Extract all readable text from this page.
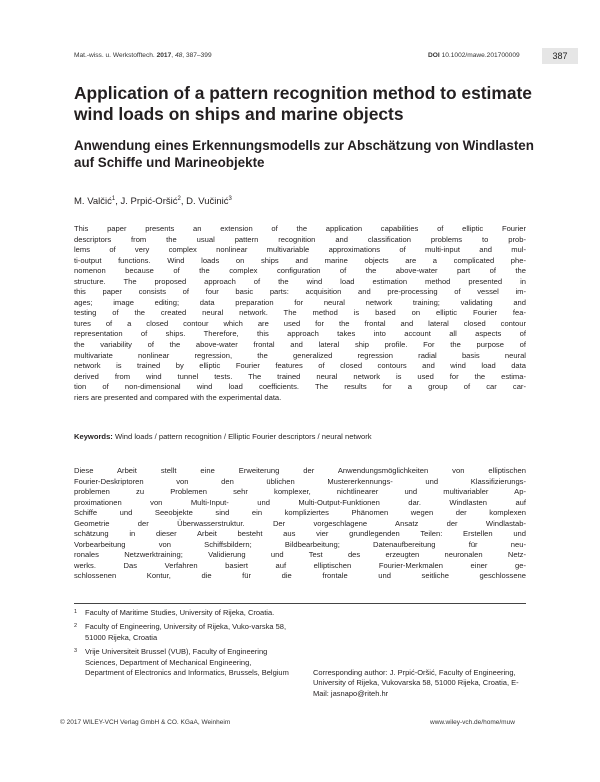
Mat.-wiss. u. Werkstofftech. 2017, 48, 387–399	DOI 10.1002/mawe.201700009	387
Application of a pattern recognition method to estimate wind loads on ships and marine objects
Anwendung eines Erkennungsmodells zur Abschätzung von Windlasten auf Schiffe und Marineobjekte
M. Valčić$^1$, J. Prpić-Oršić$^2$, D. Vučinić$^3$
This paper presents an extension of the application capabilities of elliptic Fourier
descriptors from the usual pattern recognition and classification problems to prob-
lems of very complex nonlinear multivariable approximations of multi-input and mul-
ti-output functions. Wind loads on ships and marine objects are a complicated phe-
nomenon because of the complex configuration of the above-water part of the
structure. The proposed approach of the wind load estimation method presented in
this paper consists of four basic parts: acquisition and pre-processing of vessel im-
ages; image editing; data preparation for neural network training; validating and
testing of the created neural network. The method is based on elliptic Fourier fea-
tures of a closed contour which are used for the frontal and lateral closed contour
representation of ships. Therefore, this approach takes into account all aspects of
the variability of the above-water frontal and lateral ship profile. For the purpose of
multivariate nonlinear regression, the generalized regression radial basis neural
network is trained by elliptic Fourier features of closed contours and wind load data
derived from wind tunnel tests. The trained neural network is used for the estima-
tion of non-dimensional wind load coefficients. The results for a group of car car-
riers are presented and compared with the experimental data.
Keywords: Wind loads / pattern recognition / Elliptic Fourier descriptors / neural network
Diese Arbeit stellt eine Erweiterung der Anwendungsmöglichkeiten von elliptischen
Fourier-Deskriptoren von den üblichen Mustererkennungs- und Klassifizierungs-
problemen zu Problemen sehr komplexer, nichtlinearer und multivariabler Ap-
proximationen von Multi-Input- und Multi-Output-Funktionen dar. Windlasten auf
Schiffe und Seeobjekte sind ein kompliziertes Phänomen wegen der komplexen
Geometrie der Überwasserstruktur. Der vorgeschlagene Ansatz der Windlastab-
schätzung in dieser Arbeit besteht aus vier grundlegenden Teilen: Erstellen und
Vorbearbeitung von Schiffsbildern; Bildbearbeitung; Datenaufbereitung für neu-
ronales Netzwerktraining; Validierung und Test des erzeugten neuronalen Netz-
werks. Das Verfahren basiert auf elliptischen Fourier-Merkmalen einer ge-
schlossenen Kontur, die für die frontale und seitliche geschlossene
1 Faculty of Maritime Studies, University of Rijeka, Croatia.
2 Faculty of Engineering, University of Rijeka, Vuko-varska 58, 51000 Rijeka, Croatia
3 Vrije Universiteit Brussel (VUB), Faculty of Engineering Sciences, Department of Mechanical Engineering, Department of Electronics and Informatics, Brussels, Belgium	Corresponding author: J. Prpić-Oršić, Faculty of Engineering, University of Rijeka, Vukovarska 58, 51000 Rijeka, Croatia, E-Mail: jasnapo@riteh.hr
© 2017 WILEY-VCH Verlag GmbH & CO. KGaA, Weinheim	www.wiley-vch.de/home/muw
